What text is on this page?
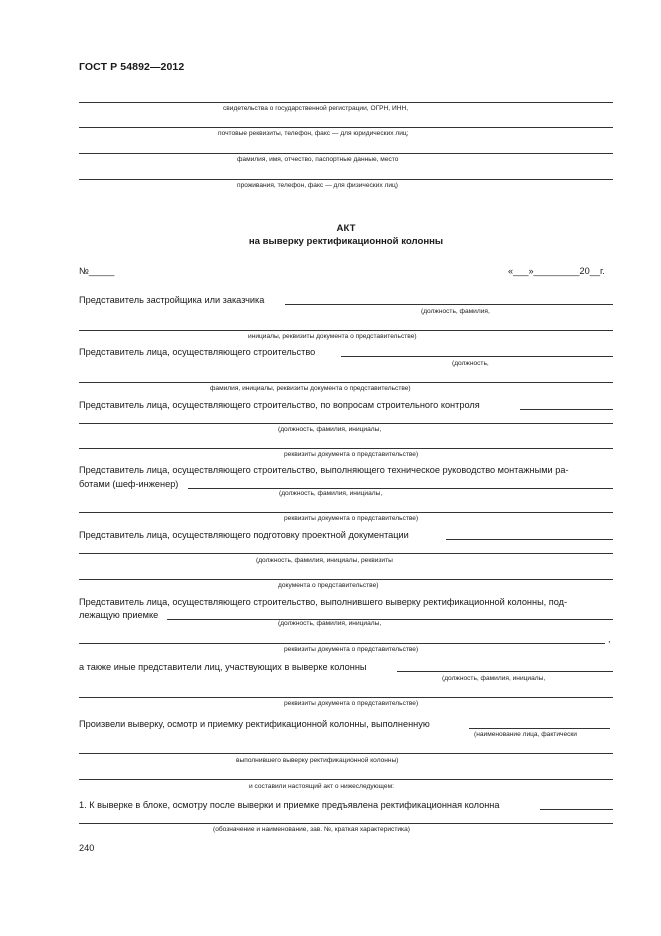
ГОСТ Р 54892—2012
свидетельства о государственной регистрации, ОГРН, ИНН,
почтовые реквизиты, телефон, факс — для юридических лиц;
фамилия, имя, отчество, паспортные данные, место
проживания, телефон, факс — для физических лиц)
АКТ
на выверку ректификационной колонны
№_____	«___»_________20__г.
Представитель застройщика или заказчика
(должность, фамилия,
инициалы, реквизиты документа о представительстве)
Представитель лица, осуществляющего строительство
(должность,
фамилия, инициалы, реквизиты документа о представительстве)
Представитель лица, осуществляющего строительство, по вопросам строительного контроля
(должность, фамилия, инициалы,
реквизиты документа о представительстве)
Представитель лица, осуществляющего строительство, выполняющего техническое руководство монтажными ра-
ботами (шеф-инженер)
(должность, фамилия, инициалы,
реквизиты документа о представительстве)
Представитель лица, осуществляющего подготовку проектной документации
(должность, фамилия, инициалы, реквизиты
документа о представительстве)
Представитель лица, осуществляющего строительство, выполнившего выверку ректификационной колонны, под-
лежащую приемке
(должность, фамилия, инициалы,
,
реквизиты документа о представительстве)
а также иные представители лиц, участвующих в выверке колонны
(должность, фамилия, инициалы,
реквизиты документа о представительстве)
Произвели выверку, осмотр и приемку ректификационной колонны, выполненную
(наименование лица, фактически
выполнившего выверку ректификационной колонны)
и составили настоящий акт о нижеследующем:
1. К выверке в блоке, осмотру после выверки и приемке предъявлена ректификационная колонна
(обозначение и наименование, зав. №, краткая характеристика)
240
